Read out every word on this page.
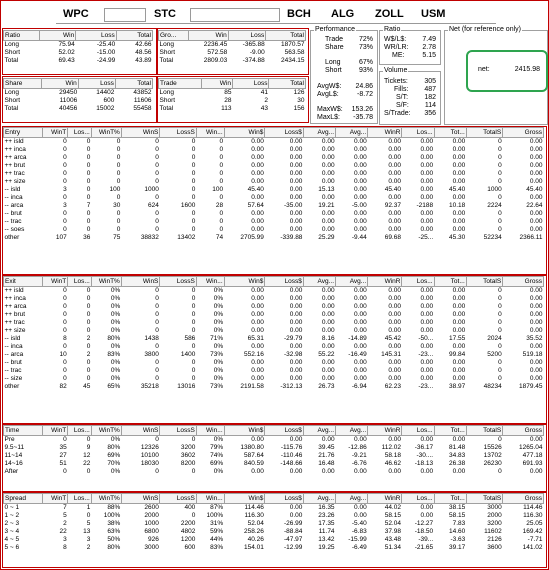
WPC	STC	BCH ALG ZOLL USM
Ratio	Win	Loss	Total
Long	75.94	-25.40	42.66
Short	52.02	-15.00	48.56
Total	69.43	-24.99	43.89
Gro...	Win	Loss	Total
Long	2236.45	-365.88	1870.57
Short	572.58	-9.00	563.58
Total	2809.03	-374.88	2434.15
Share	Win	Loss	Total
Long	29450	14402	43852
Short	11006	600	11606
Total	40456	15002	55458
Trade	Win	Loss	Total
Long	85	41	126
Short	28	2	30
Total	113	43	156
Performance
Trade 72%
Share 73%
Long	67%
Short 93%
AvgW$: 24.86
AvgL$:	-8.72
MaxW$: 153.26
MaxL$: -35.78
Ratio
W$/L$: 7.49
WR/LR: 2.78
ME:	5.15
Volume
Tickets: 305
Fills: 487
S/T: 182
S/F: 114
S/Trade: 356
Net (for reference only)
net:	2415.98
Entry	WinT	Los...	WinT%	WinS	LossS	Win...	Win$	Loss$	Avg...	Avg...	WinR	Los...	Tot...	TotalS	Gross
++ isld	0	0	0	0	0	0	0.00	0.00	0.00	0.00	0.00	0.00	0.00	0	0.00
++ inca	0	0	0	0	0	0	0.00	0.00	0.00	0.00	0.00	0.00	0.00	0	0.00
++ arca	0	0	0	0	0	0	0.00	0.00	0.00	0.00	0.00	0.00	0.00	0	0.00
++ brut	0	0	0	0	0	0	0.00	0.00	0.00	0.00	0.00	0.00	0.00	0	0.00
++ trac	0	0	0	0	0	0	0.00	0.00	0.00	0.00	0.00	0.00	0.00	0	0.00
++ size	0	0	0	0	0	0	0.00	0.00	0.00	0.00	0.00	0.00	0.00	0	0.00
-- isld	3	0	100	1000	0	100	45.40	0.00	15.13	0.00	45.40	0.00	45.40	1000	45.40
-- inca	0	0	0	0	0	0	0.00	0.00	0.00	0.00	0.00	0.00	0.00	0	0.00
-- arca	3	7	30	624	1600	28	57.64	-35.00	19.21	-5.00	92.37	-2188	10.18	2224	22.64
-- brut	0	0	0	0	0	0	0.00	0.00	0.00	0.00	0.00	0.00	0.00	0	0.00
-- trac	0	0	0	0	0	0	0.00	0.00	0.00	0.00	0.00	0.00	0.00	0	0.00
-- soes	0	0	0	0	0	0	0.00	0.00	0.00	0.00	0.00	0.00	0.00	0	0.00
other	107	36	75	38832	13402	74	2705.99	-339.88	25.29	-9.44	69.68	-25...	45.30	52234	2366.11
Exit	WinT	Los...	WinT%	WinS	LossS	Win...	Win$	Loss$	Avg...	Avg...	WinR	Los...	Tot...	TotalS	Gross
++ isld	0	0	0%	0	0	0%	0.00	0.00	0.00	0.00	0.00	0.00	0.00	0	0.00
++ inca	0	0	0%	0	0	0%	0.00	0.00	0.00	0.00	0.00	0.00	0.00	0	0.00
++ arca	0	0	0%	0	0	0%	0.00	0.00	0.00	0.00	0.00	0.00	0.00	0	0.00
++ brut	0	0	0%	0	0	0%	0.00	0.00	0.00	0.00	0.00	0.00	0.00	0	0.00
++ trac	0	0	0%	0	0	0%	0.00	0.00	0.00	0.00	0.00	0.00	0.00	0	0.00
++ size	0	0	0%	0	0	0%	0.00	0.00	0.00	0.00	0.00	0.00	0.00	0	0.00
-- isld	8	2	80%	1438	586	71%	65.31	-29.79	8.16	-14.89	45.42	-50...	17.55	2024	35.52
-- inca	0	0	0%	0	0	0%	0.00	0.00	0.00	0.00	0.00	0.00	0.00	0	0.00
-- arca	10	2	83%	3800	1400	73%	552.16	-32.98	55.22	-16.49	145.31	-23...	99.84	5200	519.18
-- brut	0	0	0%	0	0	0%	0.00	0.00	0.00	0.00	0.00	0.00	0.00	0	0.00
-- trac	0	0	0%	0	0	0%	0.00	0.00	0.00	0.00	0.00	0.00	0.00	0	0.00
-- size	0	0	0%	0	0	0%	0.00	0.00	0.00	0.00	0.00	0.00	0.00	0	0.00
other	82	45	65%	35218	13016	73%	2191.58	-312.13	26.73	-6.94	62.23	-23...	38.97	48234	1879.45
Time	WinT	Los...	WinT%	WinS	LossS	Win...	Win$	Loss$	Avg...	Avg...	WinR	Los...	Tot...	TotalS	Gross
Pre	0	0	0%	0	0	0%	0.00	0.00	0.00	0.00	0.00	0.00	0.00	0	0.00
9.5~11	35	9	80%	12326	3200	79%	1380.80	-115.76	39.45	-12.86	112.02	-36.17	81.48	15526	1265.04
11~14	27	12	69%	10100	3602	74%	587.64	-110.46	21.76	-9.21	58.18	-30....	34.83	13702	477.18
14~16	51	22	70%	18030	8200	69%	840.59	-148.66	16.48	-6.76	46.62	-18.13	26.38	26230	691.93
After	0	0	0%	0	0	0%	0.00	0.00	0.00	0.00	0.00	0.00	0.00	0	0.00
Spread	WinT	Los...	WinT%	WinS	LossS	Win...	Win$	Loss$	Avg...	Avg...	WinR	Los...	Tot...	TotalS	Gross
0 ~ 1	7	1	88%	2600	400	87%	114.46	0.00	16.35	0.00	44.02	0.00	38.15	3000	114.46
1 ~ 2	5	0	100%	2000	0	100%	116.30	0.00	23.26	0.00	58.15	0.00	58.15	2000	116.30
2 ~ 3	2	5	38%	1000	2200	31%	52.04	-26.99	17.35	-5.40	52.04	-12.27	7.83	3200	25.05
3 ~ 4	22	13	63%	6800	4802	59%	258.26	-88.84	11.74	-6.83	37.98	-18.50	14.60	11602	169.42
4 ~ 5	3	3	50%	926	1200	44%	40.26	-47.97	13.42	-15.99	43.48	-39...	-3.63	2126	-7.71
5 ~ 6	8	2	80%	3000	600	83%	154.01	-12.99	19.25	-6.49	51.34	-21.65	39.17	3600	141.02
